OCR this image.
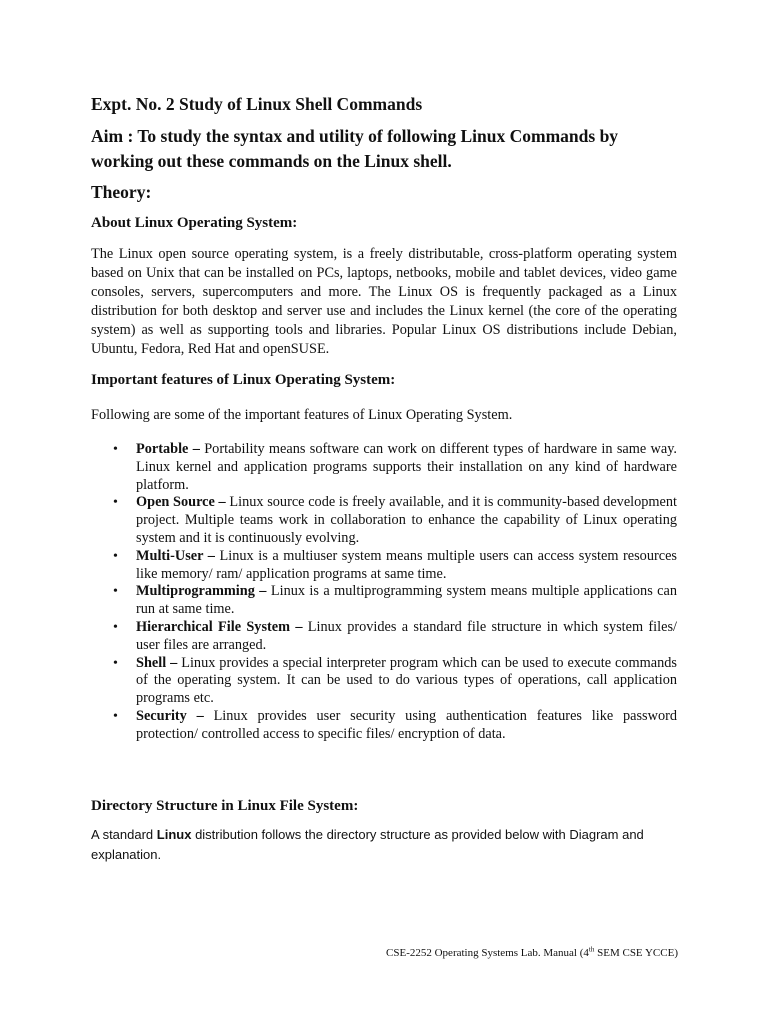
Expt. No. 2 Study of Linux Shell Commands
Aim : To study the syntax and utility of following Linux Commands by working out these commands on the Linux shell.
Theory:
About Linux Operating System:

The Linux open source operating system, is a freely distributable, cross-platform operating system based on Unix that can be installed on PCs, laptops, netbooks, mobile and tablet devices, video game consoles, servers, supercomputers and more. The Linux OS is frequently packaged as a Linux distribution for both desktop and server use and includes the Linux kernel (the core of the operating system) as well as supporting tools and libraries. Popular Linux OS distributions include Debian, Ubuntu, Fedora, Red Hat and openSUSE.

Important features of Linux Operating System:

Following are some of the important features of Linux Operating System.

• Portable – Portability means software can work on different types of hardware in same way. Linux kernel and application programs supports their installation on any kind of hardware platform.
• Open Source – Linux source code is freely available, and it is community-based development project. Multiple teams work in collaboration to enhance the capability of Linux operating system and it is continuously evolving.
• Multi-User – Linux is a multiuser system means multiple users can access system resources like memory/ ram/ application programs at same time.
• Multiprogramming – Linux is a multiprogramming system means multiple applications can run at same time.
• Hierarchical File System – Linux provides a standard file structure in which system files/ user files are arranged.
• Shell – Linux provides a special interpreter program which can be used to execute commands of the operating system. It can be used to do various types of operations, call application programs etc.
• Security – Linux provides user security using authentication features like password protection/ controlled access to specific files/ encryption of data.
Directory Structure in Linux File System:

A standard Linux distribution follows the directory structure as provided below with Diagram and explanation.

CSE-2252 Operating Systems Lab. Manual (4th SEM CSE YCCE)
